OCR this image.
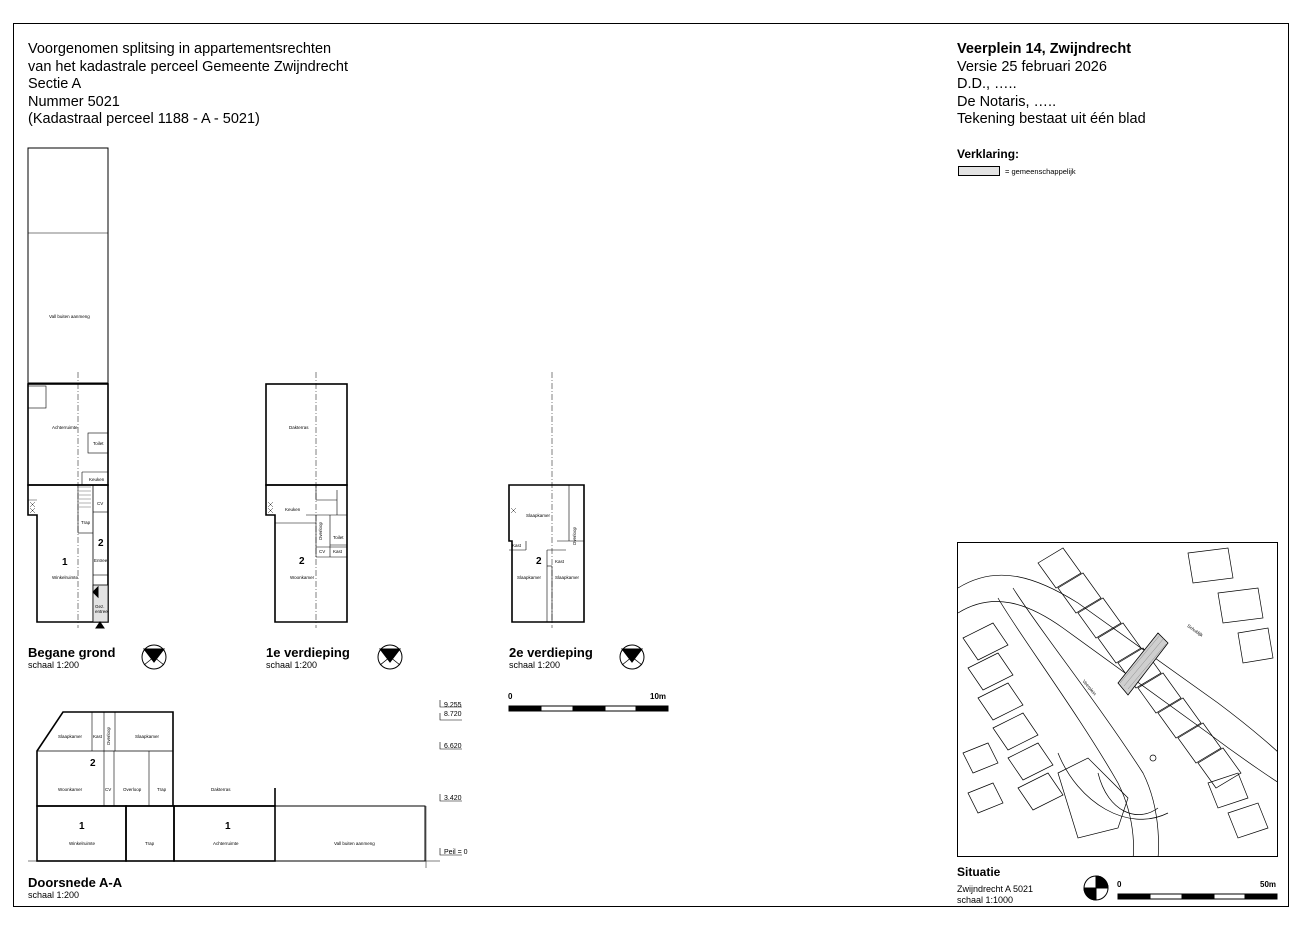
Voorgenomen splitsing in appartementsrechten
van het kadastrale perceel Gemeente Zwijndrecht
Sectie A
Nummer 5021
(Kadastraal perceel 1188 - A - 5021)
Veerplein 14, Zwijndrecht
Versie 25 februari 2026
D.D., …..
De Notaris, …..
Tekening bestaat uit één blad
Verklaring:
= gemeenschappelijk
Vall buiten aanmeng
Achterruimte
Toilet
Keuken
CV
Trap
1
Winkelruimte
2
Entree
Gez. entree
Begane grond
schaal 1:200
Dakterras
Keuken
Overloop Toilet
CV Kast
2
Woonkamer
1e verdieping
schaal 1:200
Slaapkamer
Overloop
Kast
Kast
2
Slaapkamer	Slaapkamer
2e verdieping
schaal 1:200
0	10m
Slaapkamer Kast Overloop	Slaapkamer
2
Woonkamer	CV	Overloop	Trap	Dakterras
1
Winkelruimte	Trap
1
Achterruimte	Vall buiten aanmeng
9.255
8.720
6.620
3.420
Peil = 0
Doorsnede A-A
schaal 1:200
Veerplein
Schuldijk
Situatie
Zwijndrecht A 5021
schaal 1:1000
0	50m
